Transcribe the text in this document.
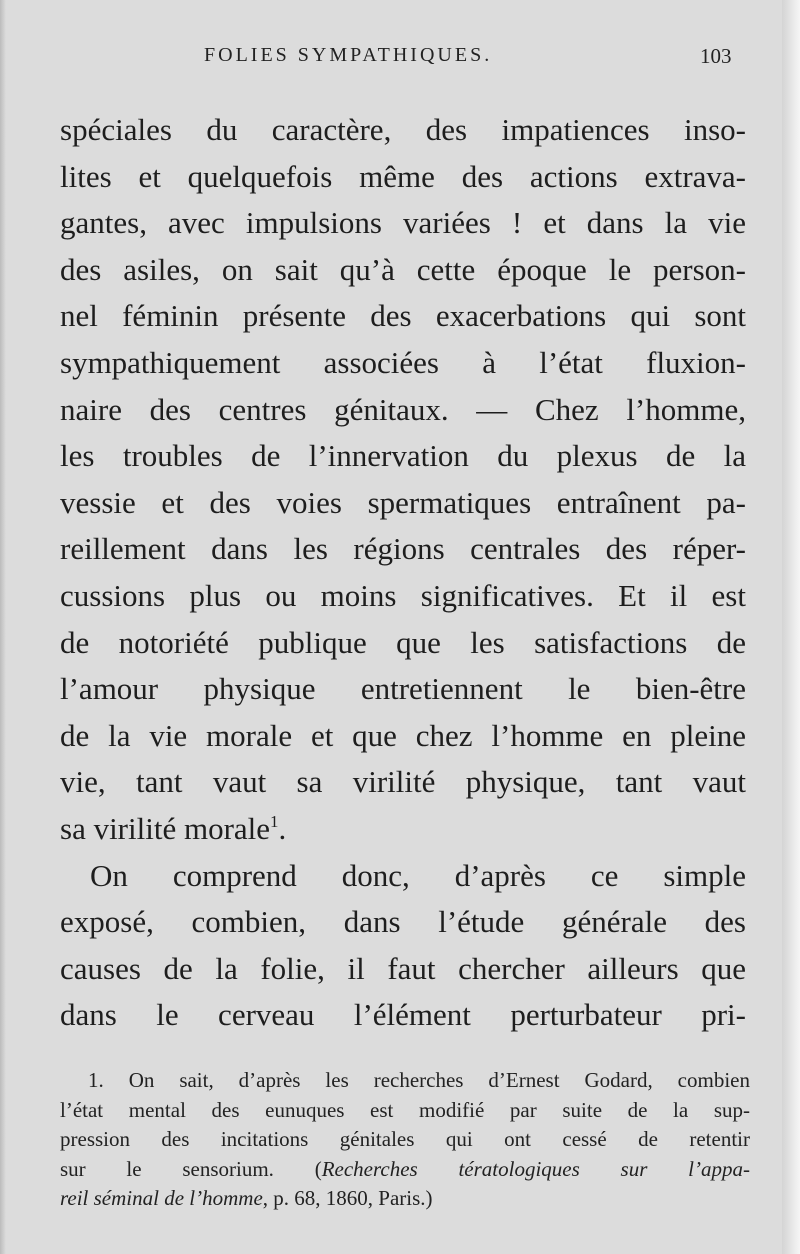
FOLIES SYMPATHIQUES.	103
spéciales du caractère, des impatiences inso-
lites et quelquefois même des actions extrava-
gantes, avec impulsions variées ! et dans la vie
des asiles, on sait qu’à cette époque le person-
nel féminin présente des exacerbations qui sont
sympathiquement associées à l’état fluxion-
naire des centres génitaux. — Chez l’homme,
les troubles de l’innervation du plexus de la
vessie et des voies spermatiques entraînent pa-
reillement dans les régions centrales des réper-
cussions plus ou moins significatives. Et il est
de notoriété publique que les satisfactions de
l’amour physique entretiennent le bien-être
de la vie morale et que chez l’homme en pleine
vie, tant vaut sa virilité physique, tant vaut
sa virilité morale$^1$.
On comprend donc, d’après ce simple
exposé, combien, dans l’étude générale des
causes de la folie, il faut chercher ailleurs que
dans le cerveau l’élément perturbateur pri-
1. On sait, d’après les recherches d’Ernest Godard, combien
l’état mental des eunuques est modifié par suite de la sup-
pression des incitations génitales qui ont cessé de retentir
sur le sensorium. (Recherches tératologiques sur l’appa-
reil séminal de l’homme, p. 68, 1860, Paris.)
